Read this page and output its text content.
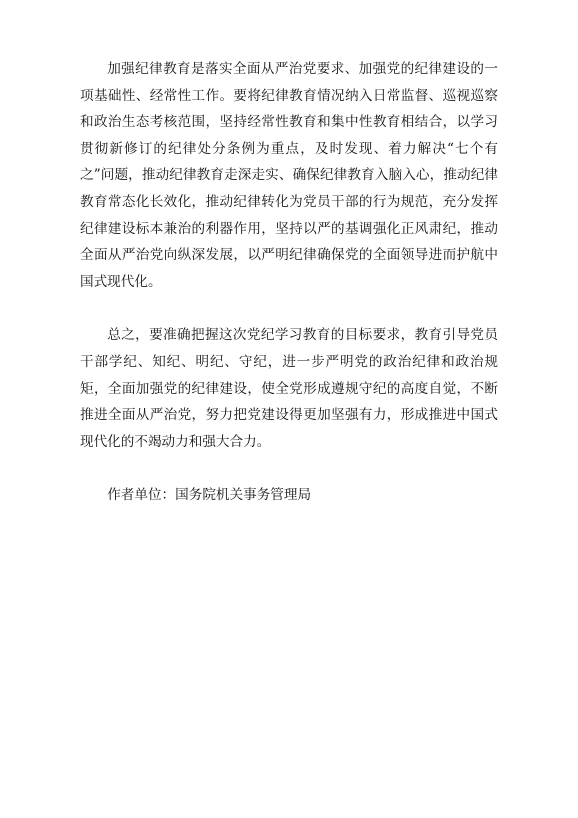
加强纪律教育是落实全面从严治党要求、加强党的纪律建设的一项基础性、经常性工作。要将纪律教育情况纳入日常监督、巡视巡察和政治生态考核范围，坚持经常性教育和集中性教育相结合，以学习贯彻新修订的纪律处分条例为重点，及时发现、着力解决“七个有之”问题，推动纪律教育走深走实、确保纪律教育入脑入心，推动纪律教育常态化长效化，推动纪律转化为党员干部的行为规范，充分发挥纪律建设标本兼治的利器作用，坚持以严的基调强化正风肃纪，推动全面从严治党向纵深发展，以严明纪律确保党的全面领导进而护航中国式现代化。

总之，要准确把握这次党纪学习教育的目标要求，教育引导党员干部学纪、知纪、明纪、守纪，进一步严明党的政治纪律和政治规矩，全面加强党的纪律建设，使全党形成遵规守纪的高度自觉，不断推进全面从严治党，努力把党建设得更加坚强有力，形成推进中国式现代化的不竭动力和强大合力。

作者单位：国务院机关事务管理局
